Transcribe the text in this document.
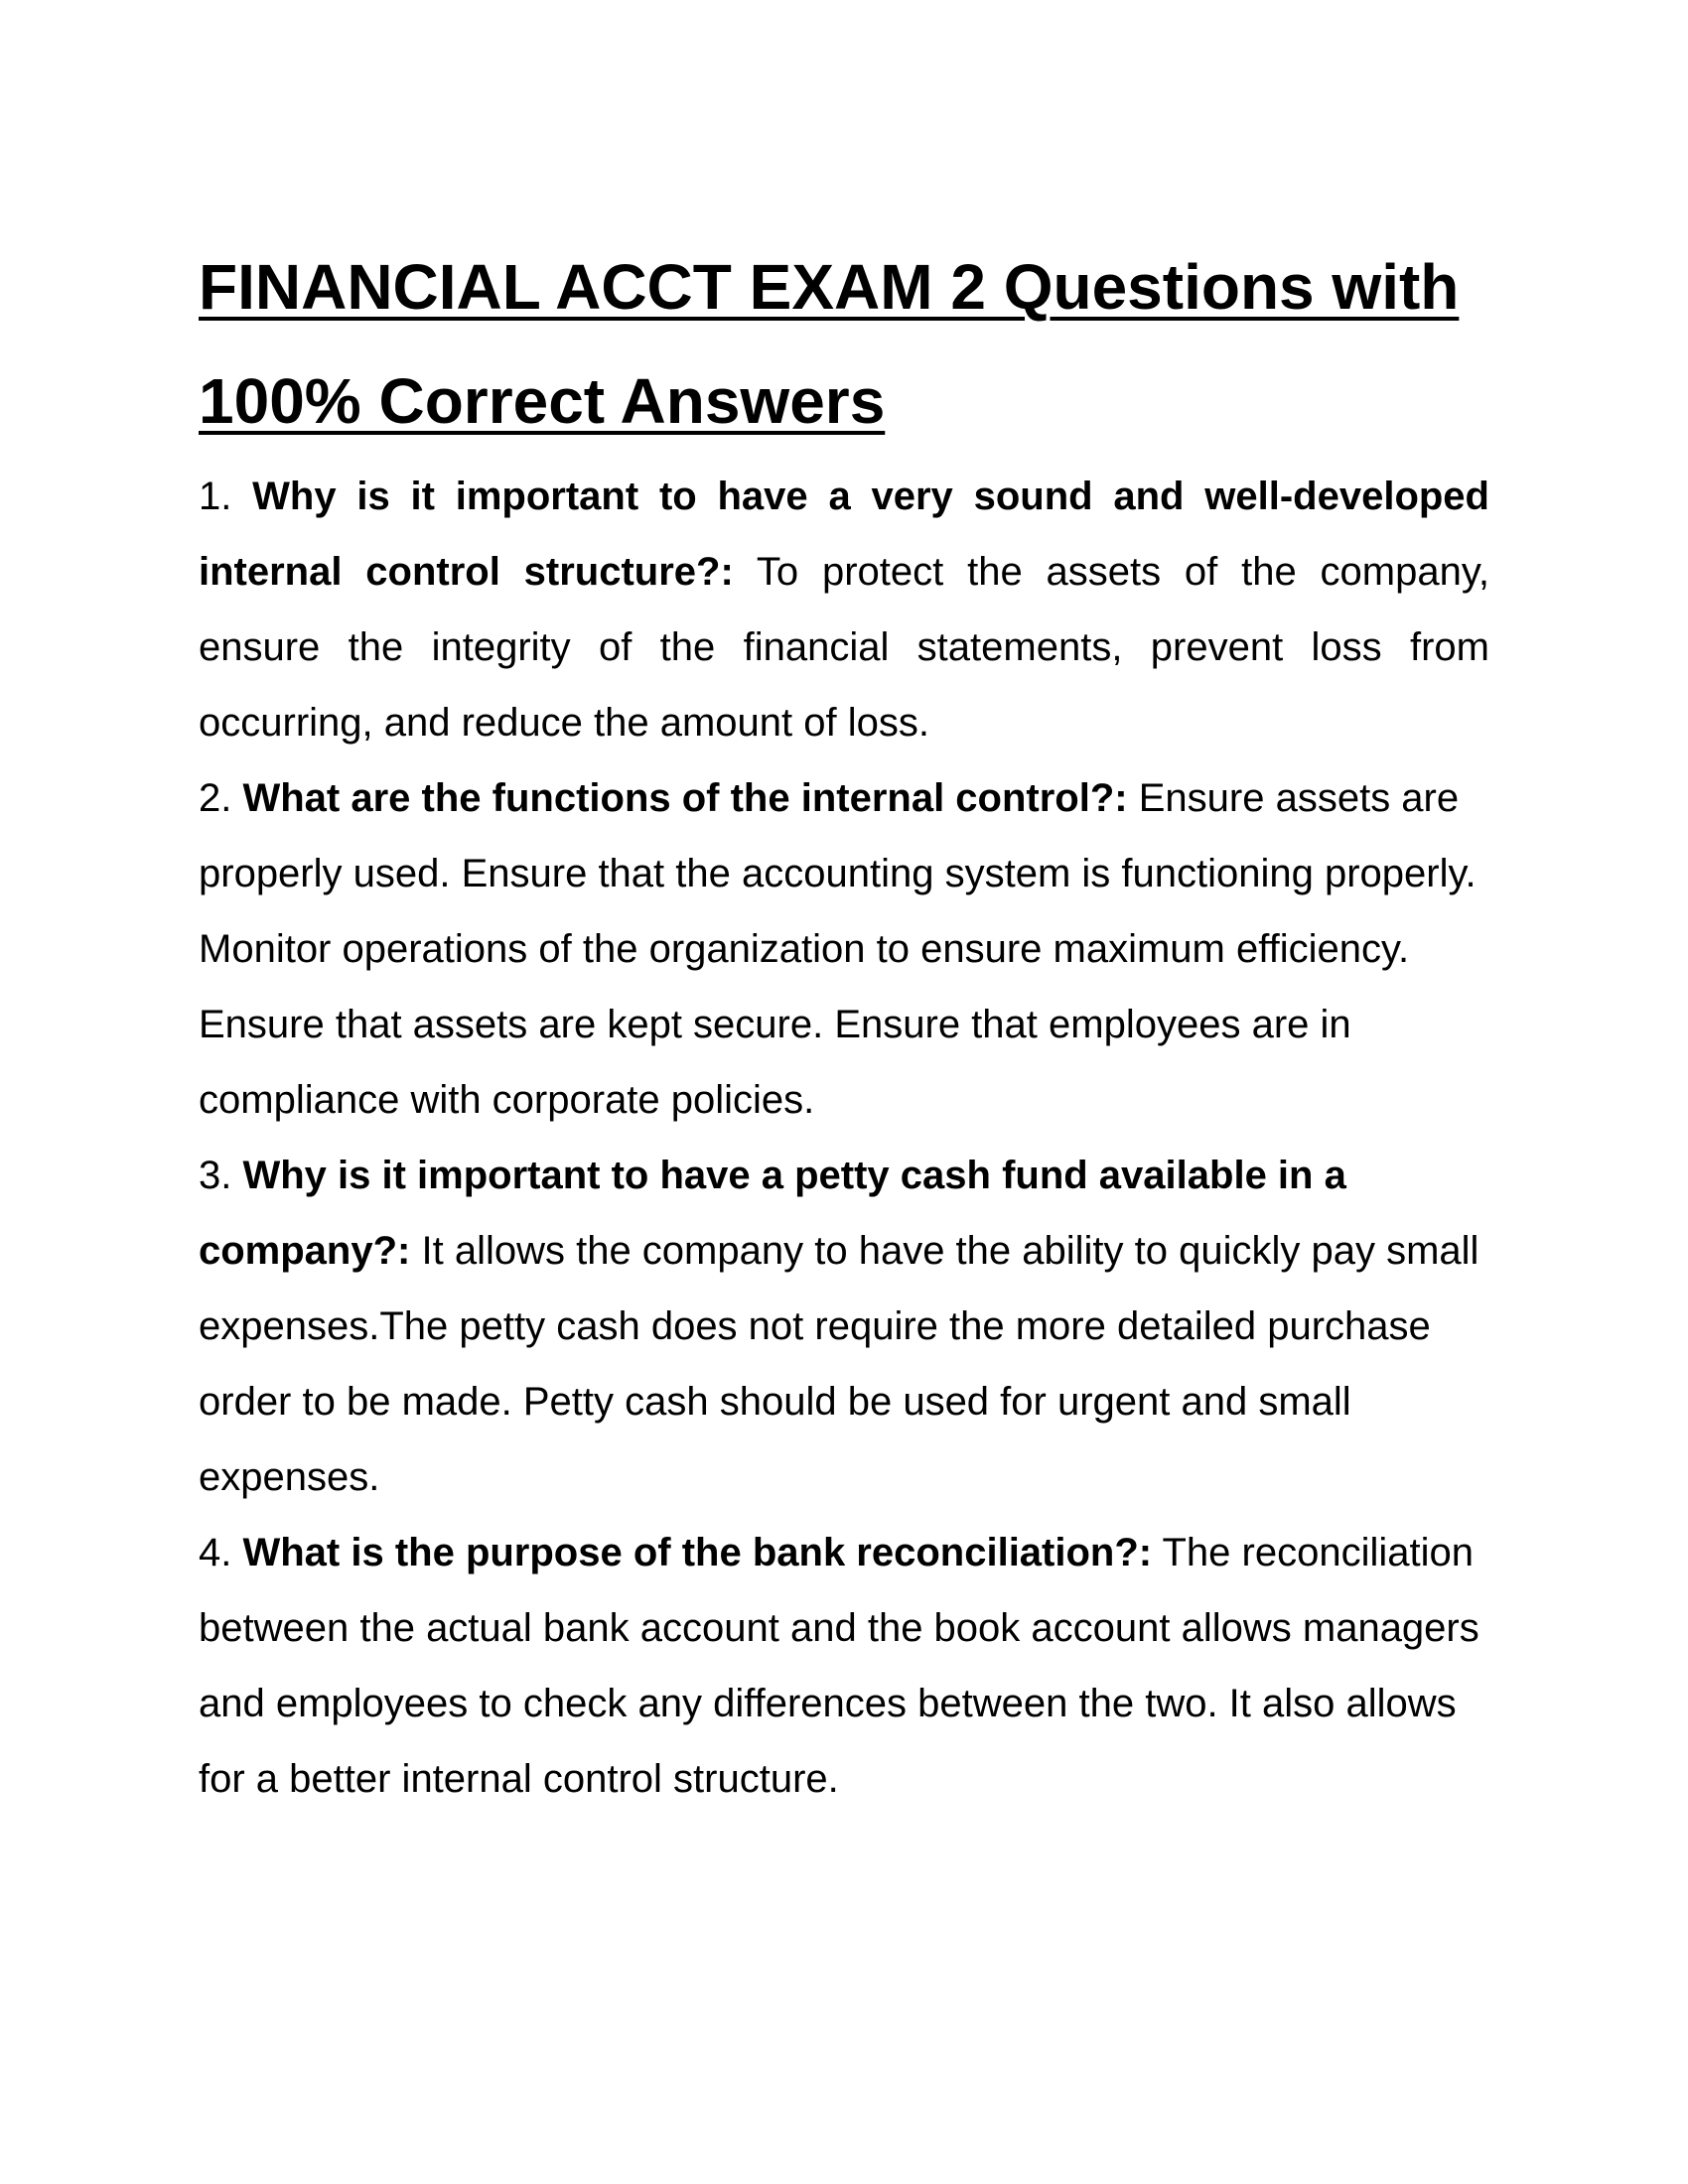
FINANCIAL ACCT EXAM 2 Questions with
100% Correct Answers

1. Why is it important to have a very sound and well-developed internal control structure?: To protect the assets of the company, ensure the integrity of the financial statements, prevent loss from occurring, and reduce the amount of loss.

2. What are the functions of the internal control?: Ensure assets are properly used. Ensure that the accounting system is functioning properly. Monitor operations of the organization to ensure maximum efficiency. Ensure that assets are kept secure. Ensure that employees are in compliance with corporate policies.

3. Why is it important to have a petty cash fund available in a company?: It allows the company to have the ability to quickly pay small expenses.The petty cash does not require the more detailed purchase order to be made. Petty cash should be used for urgent and small expenses.

4. What is the purpose of the bank reconciliation?: The reconciliation between the actual bank account and the book account allows managers and employees to check any differences between the two. It also allows for a better internal control structure.
